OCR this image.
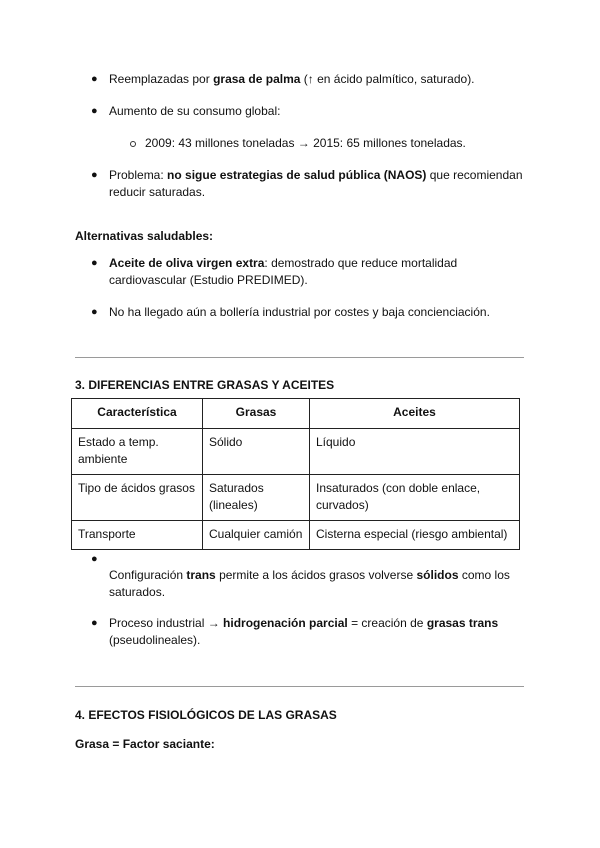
● Reemplazadas por grasa de palma (↑ en ácido palmítico, saturado).
● Aumento de su consumo global:
2009: 43 millones toneladas → 2015: 65 millones toneladas.
● Problema: no sigue estrategias de salud pública (NAOS) que recomiendan
reducir saturadas.
Alternativas saludables:
● Aceite de oliva virgen extra: demostrado que reduce mortalidad
cardiovascular (Estudio PREDIMED).
● No ha llegado aún a bollería industrial por costes y baja concienciación.
3. DIFERENCIAS ENTRE GRASAS Y ACEITES
Característica	Grasas	Aceites
Estado a temp. ambiente	Sólido	Líquido
Tipo de ácidos grasos	Saturados (lineales)	Insaturados (con doble enlace, curvados)
Transporte	Cualquier camión	Cisterna especial (riesgo ambiental)
●
Configuración trans permite a los ácidos grasos volverse sólidos como los
saturados.
● Proceso industrial → hidrogenación parcial = creación de grasas trans
(pseudolineales).
4. EFECTOS FISIOLÓGICOS DE LAS GRASAS
Grasa = Factor saciante:
